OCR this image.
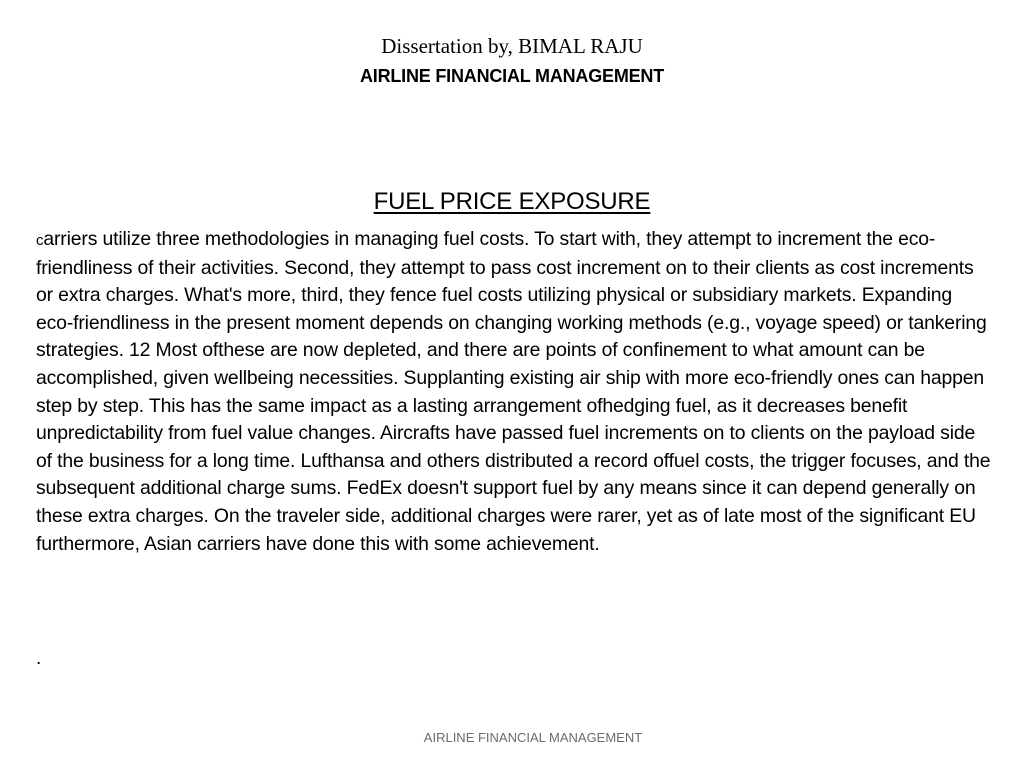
Dissertation by, BIMAL RAJU
AIRLINE FINANCIAL MANAGEMENT
FUEL PRICE EXPOSURE
carriers utilize three methodologies in managing fuel costs. To start with, they attempt to increment the eco-friendliness of their activities. Second, they attempt to pass cost increment on to their clients as cost increments or extra charges. What's more, third, they fence fuel costs utilizing physical or subsidiary markets. Expanding eco-friendliness in the present moment depends on changing working methods (e.g., voyage speed) or tankering strategies. 12 Most ofthese are now depleted, and there are points of confinement to what amount can be accomplished, given wellbeing necessities. Supplanting existing air ship with more eco-friendly ones can happen step by step. This has the same impact as a lasting arrangement ofhedging fuel, as it decreases benefit unpredictability from fuel value changes. Aircrafts have passed fuel increments on to clients on the payload side of the business for a long time. Lufthansa and others distributed a record offuel costs, the trigger focuses, and the subsequent additional charge sums. FedEx doesn't support fuel by any means since it can depend generally on these extra charges. On the traveler side, additional charges were rarer, yet as of late most of the significant EU furthermore, Asian carriers have done this with some achievement.
.
AIRLINE FINANCIAL MANAGEMENT
